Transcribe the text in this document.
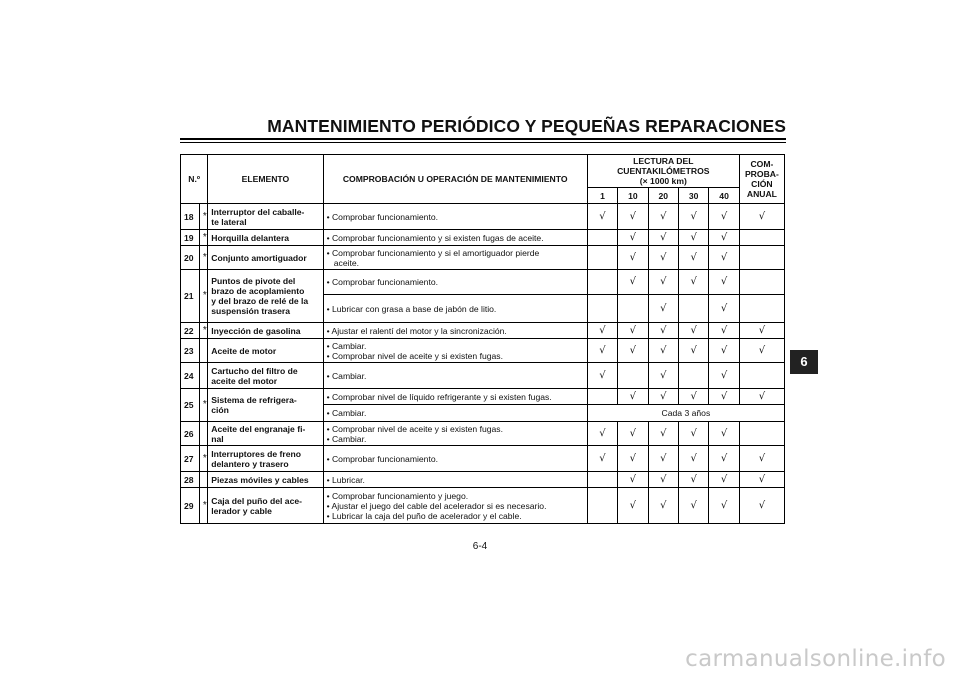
MANTENIMIENTO PERIÓDICO Y PEQUEÑAS REPARACIONES
N.º		ELEMENTO	COMPROBACIÓN U OPERACIÓN DE MANTENIMIENTO	LECTURA DEL CUENTAKILÓMETROS
(× 1000 km)					COM-
PROBA-
CIÓN
ANUAL

				1	10	20	30	40	
18	*	Interruptor del caballe-
te lateral	• Comprobar funcionamiento.	√	√	√	√	√	√
19	*	Horquilla delantera	• Comprobar funcionamiento y si existen fugas de aceite.		√	√	√	√	
20	*	Conjunto amortiguador	• Comprobar funcionamiento y si el amortiguador pierde
aceite.		√	√	√	√	
21	*	Puntos de pivote del
brazo de acoplamiento
y del brazo de relé de la
suspensión trasera	• Comprobar funcionamiento.		√	√	√	√	

			• Lubricar con grasa a base de jabón de litio.			√		√	
22	*	Inyección de gasolina	• Ajustar el ralentí del motor y la sincronización.	√	√	√	√	√	√
23		Aceite de motor	• Cambiar.
• Comprobar nivel de aceite y si existen fugas.	√	√	√	√	√	√
24		Cartucho del filtro de
aceite del motor	• Cambiar.	√		√		√	
25	*	Sistema de refrigera-
ción	• Comprobar nivel de líquido refrigerante y si existen fugas.		√	√	√	√	√

			• Cambiar.	Cada 3 años					
26		Aceite del engranaje fi-
nal	• Comprobar nivel de aceite y si existen fugas.
• Cambiar.	√	√	√	√	√	
27	*	Interruptores de freno
delantero y trasero	• Comprobar funcionamiento.	√	√	√	√	√	√
28		Piezas móviles y cables	• Lubricar.		√	√	√	√	√
29	*	Caja del puño del ace-
lerador y cable	• Comprobar funcionamiento y juego.
• Ajustar el juego del cable del acelerador si es necesario.
• Lubricar la caja del puño de acelerador y el cable.		√	√	√	√	√
6
6-4
carmanualsonline.info
